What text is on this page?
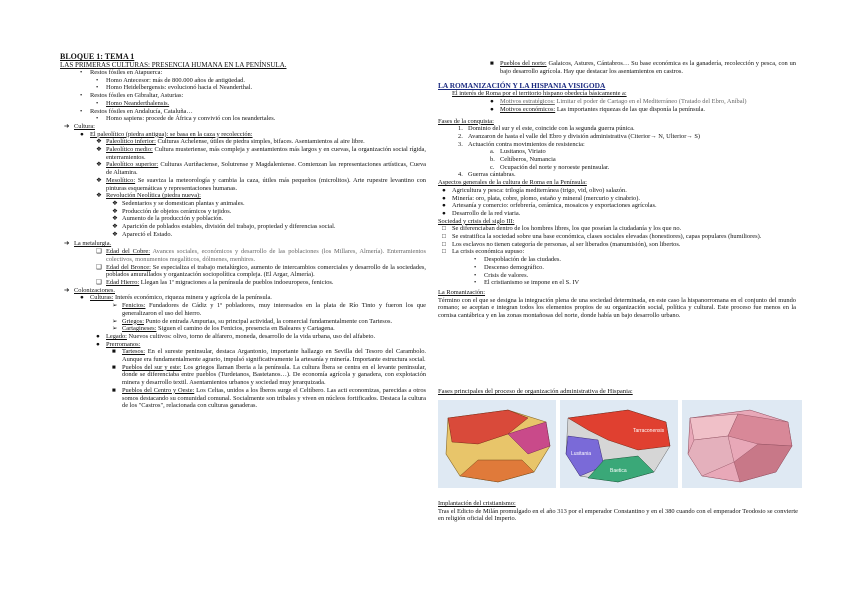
BLOQUE 1: TEMA 1
LAS PRIMERAS CULTURAS: PRESENCIA HUMANA EN LA PENÍNSULA.
•	Restos fósiles en Atapuerca:
•	Homo Antecesor: más de 800.000 años de antigüedad.
•	Homo Heidelbergensis: evolucionó hacia el Neanderthal.
•	Restos fósiles en Gibraltar, Asturias:
•	Homo Neanderthalensis.
•	Restos fósiles en Andalucía, Cataluña…
•	Homo sapiens: procede de África y convivió con los neandertales.
➔ Cultura:
● El paleolítico (piedra antigua): se basa en la caza y recolección:
❖ Paleolítico inferior: Culturas Achelense, útiles de piedra simples, bifaces. Asentamientos al aire libre.
❖ Paleolítico medio: Cultura musteriense, más compleja y asentamientos más largos y en cuevas, la organización social rígida, enterramientos.
❖ Paleolítico superior: Culturas Auriñaciense, Solutrense y Magdaleniense. Comienzan las representaciones artísticas, Cueva de Altamira.
❖ Mesolítico: Se suaviza la meteorología y cambia la caza, útiles más pequeños (microlitos). Arte rupestre levantino con pinturas esquemáticas y representaciones humanas.
❖ Revolución Neolítica (piedra nueva):
❖ Sedentarios y se domestican plantas y animales.
❖ Producción de objetos cerámicos y tejidos.
❖ Aumento de la producción y población.
❖ Aparición de poblados estables, división del trabajo, propiedad y diferencias social.
❖ Apareció el Estado.
➔ La metalurgia.
❑ Edad del Cobre: Avances sociales, económicos y desarrollo de las poblaciones (los Millares, Almería). Enterramientos colectivos, monumentos megalíticos, dólmenes, menhires.
❑ Edad del Bronce: Se especializa el trabajo metalúrgico, aumento de intercambios comerciales y desarrollo de la sociedades, poblados amurallados y organización sociopolítica compleja. (El Argar, Almería).
❑ Edad Hierro: Llegan las 1ª migraciones a la península de pueblos indoeuropeos, fenicios.
➔ Colonizaciones.
● Culturas: Interés económico, riqueza minera y agrícola de la península.
➢ Fenicios: Fundadores de Cádiz y 1º pobladores, muy interesados en la plata de Río Tinto y fueron los que generalizaron el uso del hierro.
➢ Griegos: Punto de entrada Ampurias, su principal actividad, la comercial fundamentalmente con Tartesos.
➢ Cartagineses: Siguen el camino de los Fenicios, presencia en Baleares y Cartagena.
● Legado: Nuevos cultivos: olivo, torno de alfarero, moneda, desarrollo de la vida urbana, uso del alfabeto.
● Prerromanos:
■ Tartesos: En el sureste peninsular, destaca Argantonio, importante hallazgo en Sevilla del Tesoro del Carambolo. Aunque era fundamentalmente agrario, impulsó significativamente la artesanía y minería. Importante estructura social.
■ Pueblos del sur y este: Los griegos llaman Iberia a la península. La cultura Íbera se centra en el levante peninsular, donde se diferenciaba entre pueblos (Turdetanos, Bastetanos…). De economía agrícola y ganadera, con explotación minera y desarrollo textil. Asentamientos urbanos y sociedad muy jerarquizada.
■ Pueblos del Centro y Oeste: Los Celtas, unidos a los Íberos surge el Celtíbero. Las acti economizas, parecidas a otros somos destacando su comunidad comunal. Socialmente son tribales y viven en núcleos fortificados. Destaca la cultura de los "Castros", relacionada con culturas ganaderas.
■ Pueblos del norte: Galaicos, Astures, Cántabros… Su base económica es la ganadería, recolección y pesca, con un bajo desarrollo agrícola. Hay que destacar los asentamientos en castros.
LA ROMANIZACIÓN Y LA HISPANIA VISIGODA
El interés de Roma por el territorio hispano obedecía básicamente a:
● Motivos estratégicos: Limitar el poder de Cartago en el Mediterráneo (Tratado del Ebro, Aníbal)
● Motivos económicos: Las importantes riquezas de las que disponía la península.
Fases de la conquista:
1. Dominio del sur y el este, coincide con la segunda guerra púnica.
2. Avanzaron de hasta el valle del Ebro y división administrativa (Citerior→ N, Ulterior→ S)
3. Actuación contra movimientos de resistencia:
a. Lusitanos, Viriato
b. Celtíberos, Numancia
c. Ocupación del norte y noroeste peninsular.
4. Guerras cántabras.
Aspectos generales de la cultura de Roma en la Península:
● Agricultura y pesca: trilogía mediterránea (trigo, vid, olivo) salazón.
● Minería: oro, plata, cobre, plomo, estaño y mineral (mercurio y cinabrio).
● Artesanía y comercio: orfebrería, cerámica, mosaicos y exportaciones agrícolas.
● Desarrollo de la red viaria.
Sociedad y crisis del siglo III:
□ Se diferenciaban dentro de los hombres libres, los que poseían la ciudadanía y los que no.
□ Se estratifica la sociedad sobre una base económica, clases sociales elevadas (honestiores), capas populares (humiliores).
□ Los esclavos no tienen categoría de personas, al ser liberados (manumisión), son libertos.
□ La crisis económica supuso:
•	Despoblación de las ciudades.
•	Descenso demográfico.
•	Crisis de valores.
•	El cristianismo se impone en el S. IV
La Romanización:
Término con el que se designa la integración plena de una sociedad determinada, en este caso la hispanorromana en el conjunto del mundo romano; se aceptan e integran todos los elementos propios de su organización social, política y cultural. Este proceso fue menos en la cornisa cantábrica y en las zonas montañosas del norte, donde había un bajo desarrollo urbano.
Fases principales del proceso de organización administrativa de Hispania:
Tarraconensis
Lusitania
Baetica
Implantación del cristianismo:
Tras el Edicto de Milán promulgado en el año 313 por el emperador Constantino y en el 380 cuando con el emperador Teodosio se convierte en religión oficial del Imperio.
